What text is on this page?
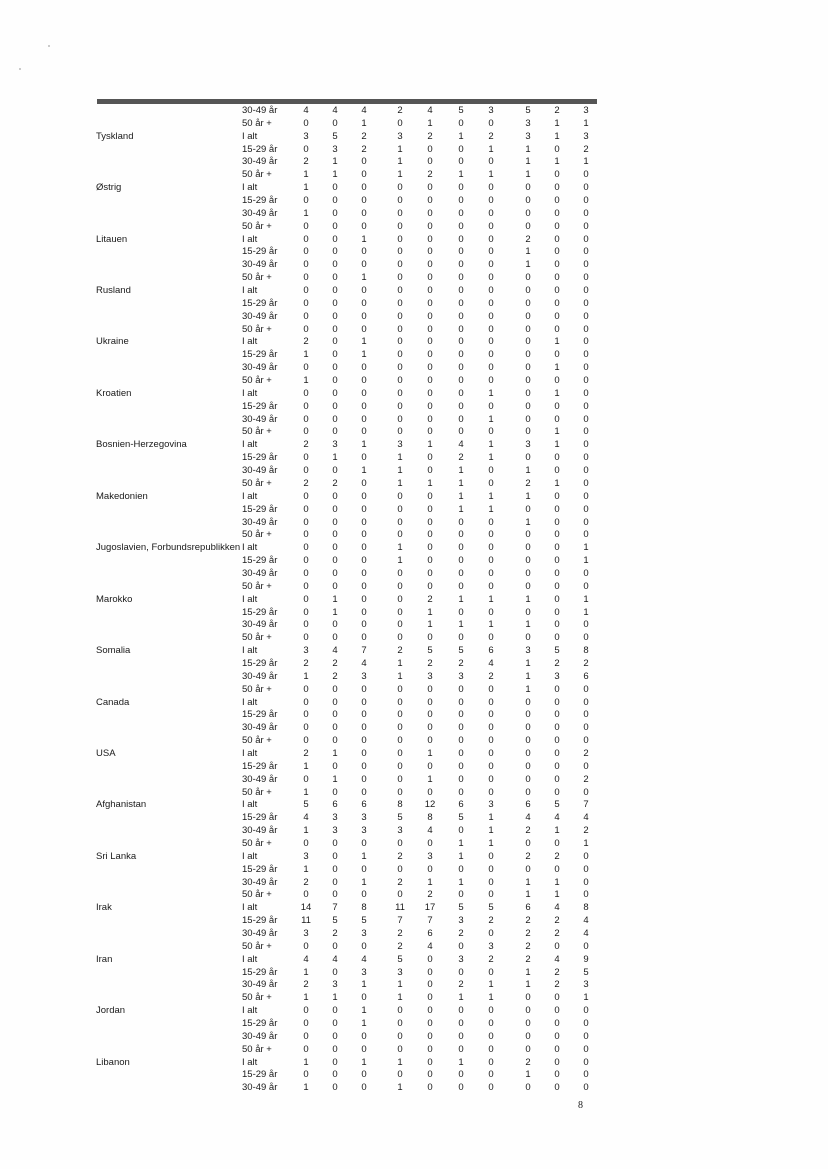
30-49 år	4	4	4	2	4	5	3	5	2	3
50 år +	0	0	1	0	1	0	0	3	1	1
Tyskland	I alt	3	5	2	3	2	1	2	3	1	3
15-29 år	0	3	2	1	0	0	1	1	0	2
30-49 år	2	1	0	1	0	0	0	1	1	1
50 år +	1	1	0	1	2	1	1	1	0	0
Østrig	I alt	1	0	0	0	0	0	0	0	0	0
15-29 år	0	0	0	0	0	0	0	0	0	0
30-49 år	1	0	0	0	0	0	0	0	0	0
50 år +	0	0	0	0	0	0	0	0	0	0
Litauen	I alt	0	0	1	0	0	0	0	2	0	0
15-29 år	0	0	0	0	0	0	0	1	0	0
30-49 år	0	0	0	0	0	0	0	1	0	0
50 år +	0	0	1	0	0	0	0	0	0	0
Rusland	I alt	0	0	0	0	0	0	0	0	0	0
15-29 år	0	0	0	0	0	0	0	0	0	0
30-49 år	0	0	0	0	0	0	0	0	0	0
50 år +	0	0	0	0	0	0	0	0	0	0
Ukraine	I alt	2	0	1	0	0	0	0	0	1	0
15-29 år	1	0	1	0	0	0	0	0	0	0
30-49 år	0	0	0	0	0	0	0	0	1	0
50 år +	1	0	0	0	0	0	0	0	0	0
Kroatien	I alt	0	0	0	0	0	0	1	0	1	0
15-29 år	0	0	0	0	0	0	0	0	0	0
30-49 år	0	0	0	0	0	0	1	0	0	0
50 år +	0	0	0	0	0	0	0	0	1	0
Bosnien-Herzegovina	I alt	2	3	1	3	1	4	1	3	1	0
15-29 år	0	1	0	1	0	2	1	0	0	0
30-49 år	0	0	1	1	0	1	0	1	0	0
50 år +	2	2	0	1	1	1	0	2	1	0
Makedonien	I alt	0	0	0	0	0	1	1	1	0	0
15-29 år	0	0	0	0	0	1	1	0	0	0
30-49 år	0	0	0	0	0	0	0	1	0	0
50 år +	0	0	0	0	0	0	0	0	0	0
Jugoslavien, Forbundsrepublikken I alt	0	0	0	1	0	0	0	0	0	1
15-29 år	0	0	0	1	0	0	0	0	0	1
30-49 år	0	0	0	0	0	0	0	0	0	0
50 år +	0	0	0	0	0	0	0	0	0	0
Marokko	I alt	0	1	0	0	2	1	1	1	0	1
15-29 år	0	1	0	0	1	0	0	0	0	1
30-49 år	0	0	0	0	1	1	1	1	0	0
50 år +	0	0	0	0	0	0	0	0	0	0
Somalia	I alt	3	4	7	2	5	5	6	3	5	8
15-29 år	2	2	4	1	2	2	4	1	2	2
30-49 år	1	2	3	1	3	3	2	1	3	6
50 år +	0	0	0	0	0	0	0	1	0	0
Canada	I alt	0	0	0	0	0	0	0	0	0	0
15-29 år	0	0	0	0	0	0	0	0	0	0
30-49 år	0	0	0	0	0	0	0	0	0	0
50 år +	0	0	0	0	0	0	0	0	0	0
USA	I alt	2	1	0	0	1	0	0	0	0	2
15-29 år	1	0	0	0	0	0	0	0	0	0
30-49 år	0	1	0	0	1	0	0	0	0	2
50 år +	1	0	0	0	0	0	0	0	0	0
Afghanistan	I alt	5	6	6	8	12	6	3	6	5	7
15-29 år	4	3	3	5	8	5	1	4	4	4
30-49 år	1	3	3	3	4	0	1	2	1	2
50 år +	0	0	0	0	0	1	1	0	0	1
Sri Lanka	I alt	3	0	1	2	3	1	0	2	2	0
15-29 år	1	0	0	0	0	0	0	0	0	0
30-49 år	2	0	1	2	1	1	0	1	1	0
50 år +	0	0	0	0	2	0	0	1	1	0
Irak	I alt	14	7	8	11	17	5	5	6	4	8
15-29 år	11	5	5	7	7	3	2	2	2	4
30-49 år	3	2	3	2	6	2	0	2	2	4
50 år +	0	0	0	2	4	0	3	2	0	0
Iran	I alt	4	4	4	5	0	3	2	2	4	9
15-29 år	1	0	3	3	0	0	0	1	2	5
30-49 år	2	3	1	1	0	2	1	1	2	3
50 år +	1	1	0	1	0	1	1	0	0	1
Jordan	I alt	0	0	1	0	0	0	0	0	0	0
15-29 år	0	0	1	0	0	0	0	0	0	0
30-49 år	0	0	0	0	0	0	0	0	0	0
50 år +	0	0	0	0	0	0	0	0	0	0
Libanon	I alt	1	0	1	1	0	1	0	2	0	0
15-29 år	0	0	0	0	0	0	0	1	0	0
30-49 år	1	0	0	1	0	0	0	0	0	0
8
